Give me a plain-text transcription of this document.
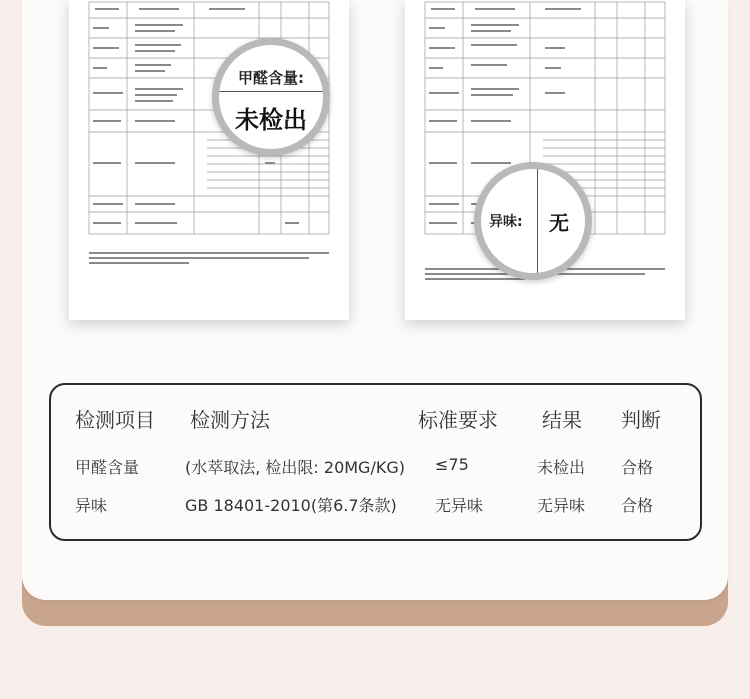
甲醛含量:
未检出
异味: 无
检测项目 检测方法	标准要求 结果 判断
甲醛含量	(水萃取法, 检出限: 20MG/KG) ≤75	未检出 合格
异味	GB 18401-2010(第6.7条款) 无异味	无异味 合格
